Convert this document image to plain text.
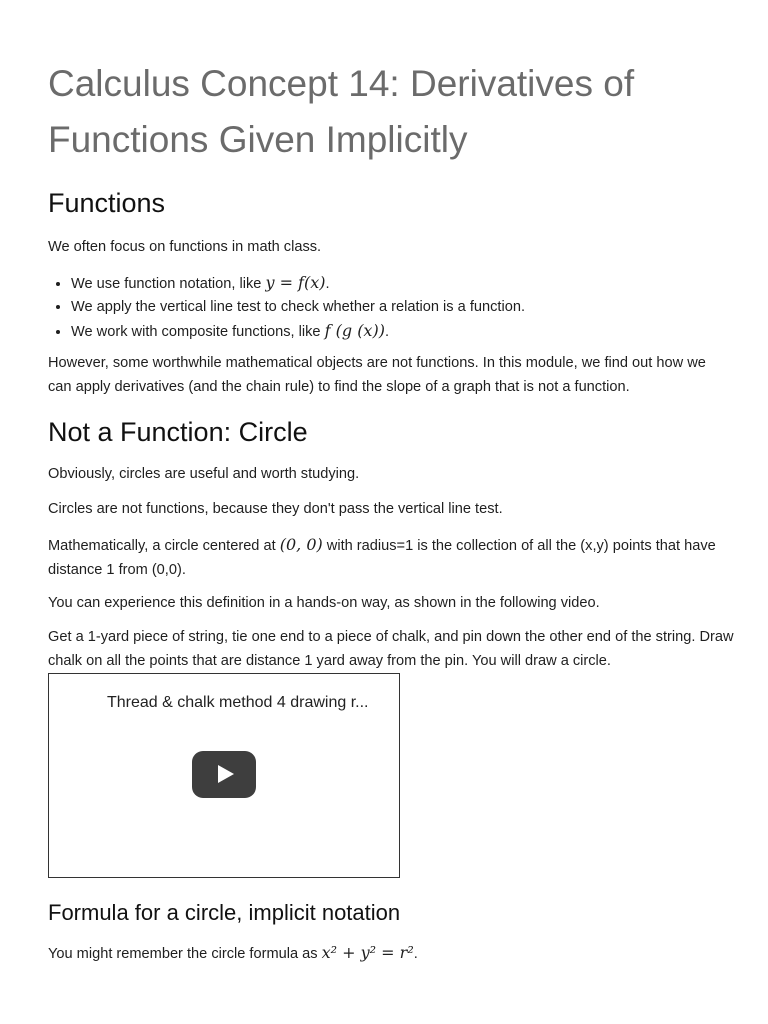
Calculus Concept 14: Derivatives of Functions Given Implicitly
Functions

We often focus on functions in math class.

• We use function notation, like y = f(x).
• We apply the vertical line test to check whether a relation is a function.
• We work with composite functions, like f (g (x)).

However, some worthwhile mathematical objects are not functions. In this module, we find out how we can apply derivatives (and the chain rule) to find the slope of a graph that is not a function.

Not a Function: Circle

Obviously, circles are useful and worth studying.

Circles are not functions, because they don't pass the vertical line test.

Mathematically, a circle centered at (0, 0) with radius=1 is the collection of all the (x,y) points that have distance 1 from (0,0).

You can experience this definition in a hands-on way, as shown in the following video.

Get a 1-yard piece of string, tie one end to a piece of chalk, and pin down the other end of the string. Draw chalk on all the points that are distance 1 yard away from the pin. You will draw a circle.

Thread & chalk method 4 drawing r...
Formula for a circle, implicit notation

You might remember the circle formula as x² + y² = r².
